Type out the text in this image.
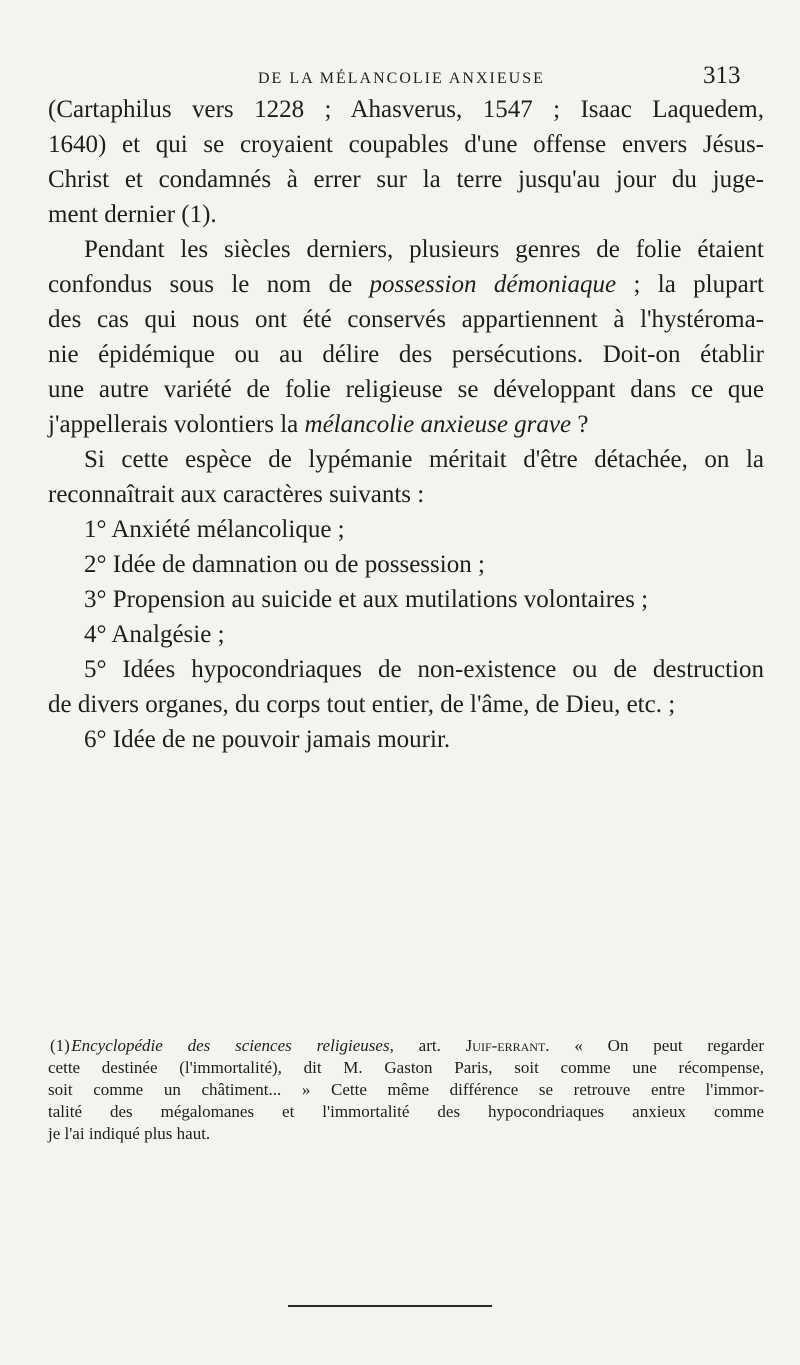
DE LA MÉLANCOLIE ANXIEUSE	313
(Cartaphilus vers 1228 ; Ahasverus, 1547 ; Isaac Laquedem,
1640) et qui se croyaient coupables d'une offense envers Jésus-
Christ et condamnés à errer sur la terre jusqu'au jour du juge-
ment dernier (1).
Pendant les siècles derniers, plusieurs genres de folie étaient
confondus sous le nom de possession démoniaque ; la plupart
des cas qui nous ont été conservés appartiennent à l'hystéroma-
nie épidémique ou au délire des persécutions. Doit-on établir
une autre variété de folie religieuse se développant dans ce que
j'appellerais volontiers la mélancolie anxieuse grave ?
Si cette espèce de lypémanie méritait d'être détachée, on la
reconnaîtrait aux caractères suivants :
1° Anxiété mélancolique ;
2° Idée de damnation ou de possession ;
3° Propension au suicide et aux mutilations volontaires ;
4° Analgésie ;
5° Idées hypocondriaques de non-existence ou de destruction
de divers organes, du corps tout entier, de l'âme, de Dieu, etc. ;
6° Idée de ne pouvoir jamais mourir.
(1) Encyclopédie des sciences religieuses, art. Juif-errant. « On peut regarder
cette destinée (l'immortalité), dit M. Gaston Paris, soit comme une récompense,
soit comme un châtiment... » Cette même différence se retrouve entre l'immor-
talité des mégalomanes et l'immortalité des hypocondriaques anxieux comme
je l'ai indiqué plus haut.
